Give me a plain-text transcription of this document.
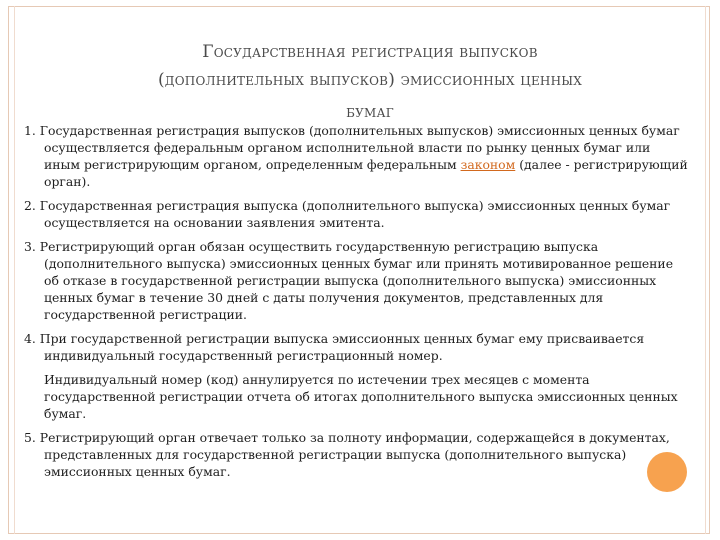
Государственная регистрация выпусков
(дополнительных выпусков) эмиссионных ценных
бумаг

1. Государственная регистрация выпусков (дополнительных выпусков) эмиссионных ценных бумаг осуществляется федеральным органом исполнительной власти по рынку ценных бумаг или иным регистрирующим органом, определенным федеральным законом (далее - регистрирующий орган).

2. Государственная регистрация выпуска (дополнительного выпуска) эмиссионных ценных бумаг осуществляется на основании заявления эмитента.

3. Регистрирующий орган обязан осуществить государственную регистрацию выпуска (дополнительного выпуска) эмиссионных ценных бумаг или принять мотивированное решение об отказе в государственной регистрации выпуска (дополнительного выпуска) эмиссионных ценных бумаг в течение 30 дней с даты получения документов, представленных для государственной регистрации.

4. При государственной регистрации выпуска эмиссионных ценных бумаг ему присваивается индивидуальный государственный регистрационный номер.

Индивидуальный номер (код) аннулируется по истечении трех месяцев с момента государственной регистрации отчета об итогах дополнительного выпуска эмиссионных ценных бумаг.

5. Регистрирующий орган отвечает только за полноту информации, содержащейся в документах, представленных для государственной регистрации выпуска (дополнительного выпуска) эмиссионных ценных бумаг.
